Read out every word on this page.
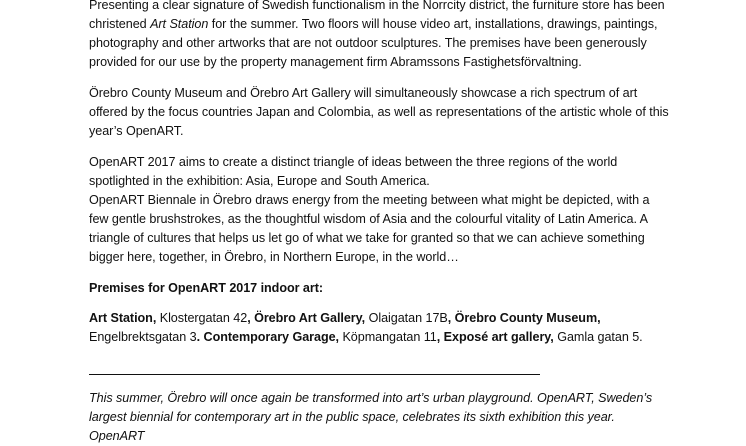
Presenting a clear signature of Swedish functionalism in the Norrcity district, the furniture store has been christened Art Station for the summer. Two floors will house video art, installations, drawings, paintings, photography and other artworks that are not outdoor sculptures. The premises have been generously provided for our use by the property management firm Abramssons Fastighetsförvaltning.

Örebro County Museum and Örebro Art Gallery will simultaneously showcase a rich spectrum of art offered by the focus countries Japan and Colombia, as well as representations of the artistic whole of this year’s OpenART.

OpenART 2017 aims to create a distinct triangle of ideas between the three regions of the world spotlighted in the exhibition: Asia, Europe and South America.

OpenART Biennale in Örebro draws energy from the meeting between what might be depicted, with a few gentle brushstrokes, as the thoughtful wisdom of Asia and the colourful vitality of Latin America. A triangle of cultures that helps us let go of what we take for granted so that we can achieve something bigger here, together, in Örebro, in Northern Europe, in the world…

Premises for OpenART 2017 indoor art:

Art Station, Klostergatan 42, Örebro Art Gallery, Olaigatan 17B, Örebro County Museum, Engelbrektsgatan 3. Contemporary Garage, Köpmangatan 11, Exposé art gallery, Gamla gatan 5.

This summer, Örebro will once again be transformed into art’s urban playground. OpenART, Sweden’s largest biennial for contemporary art in the public space, celebrates its sixth exhibition this year. OpenART
